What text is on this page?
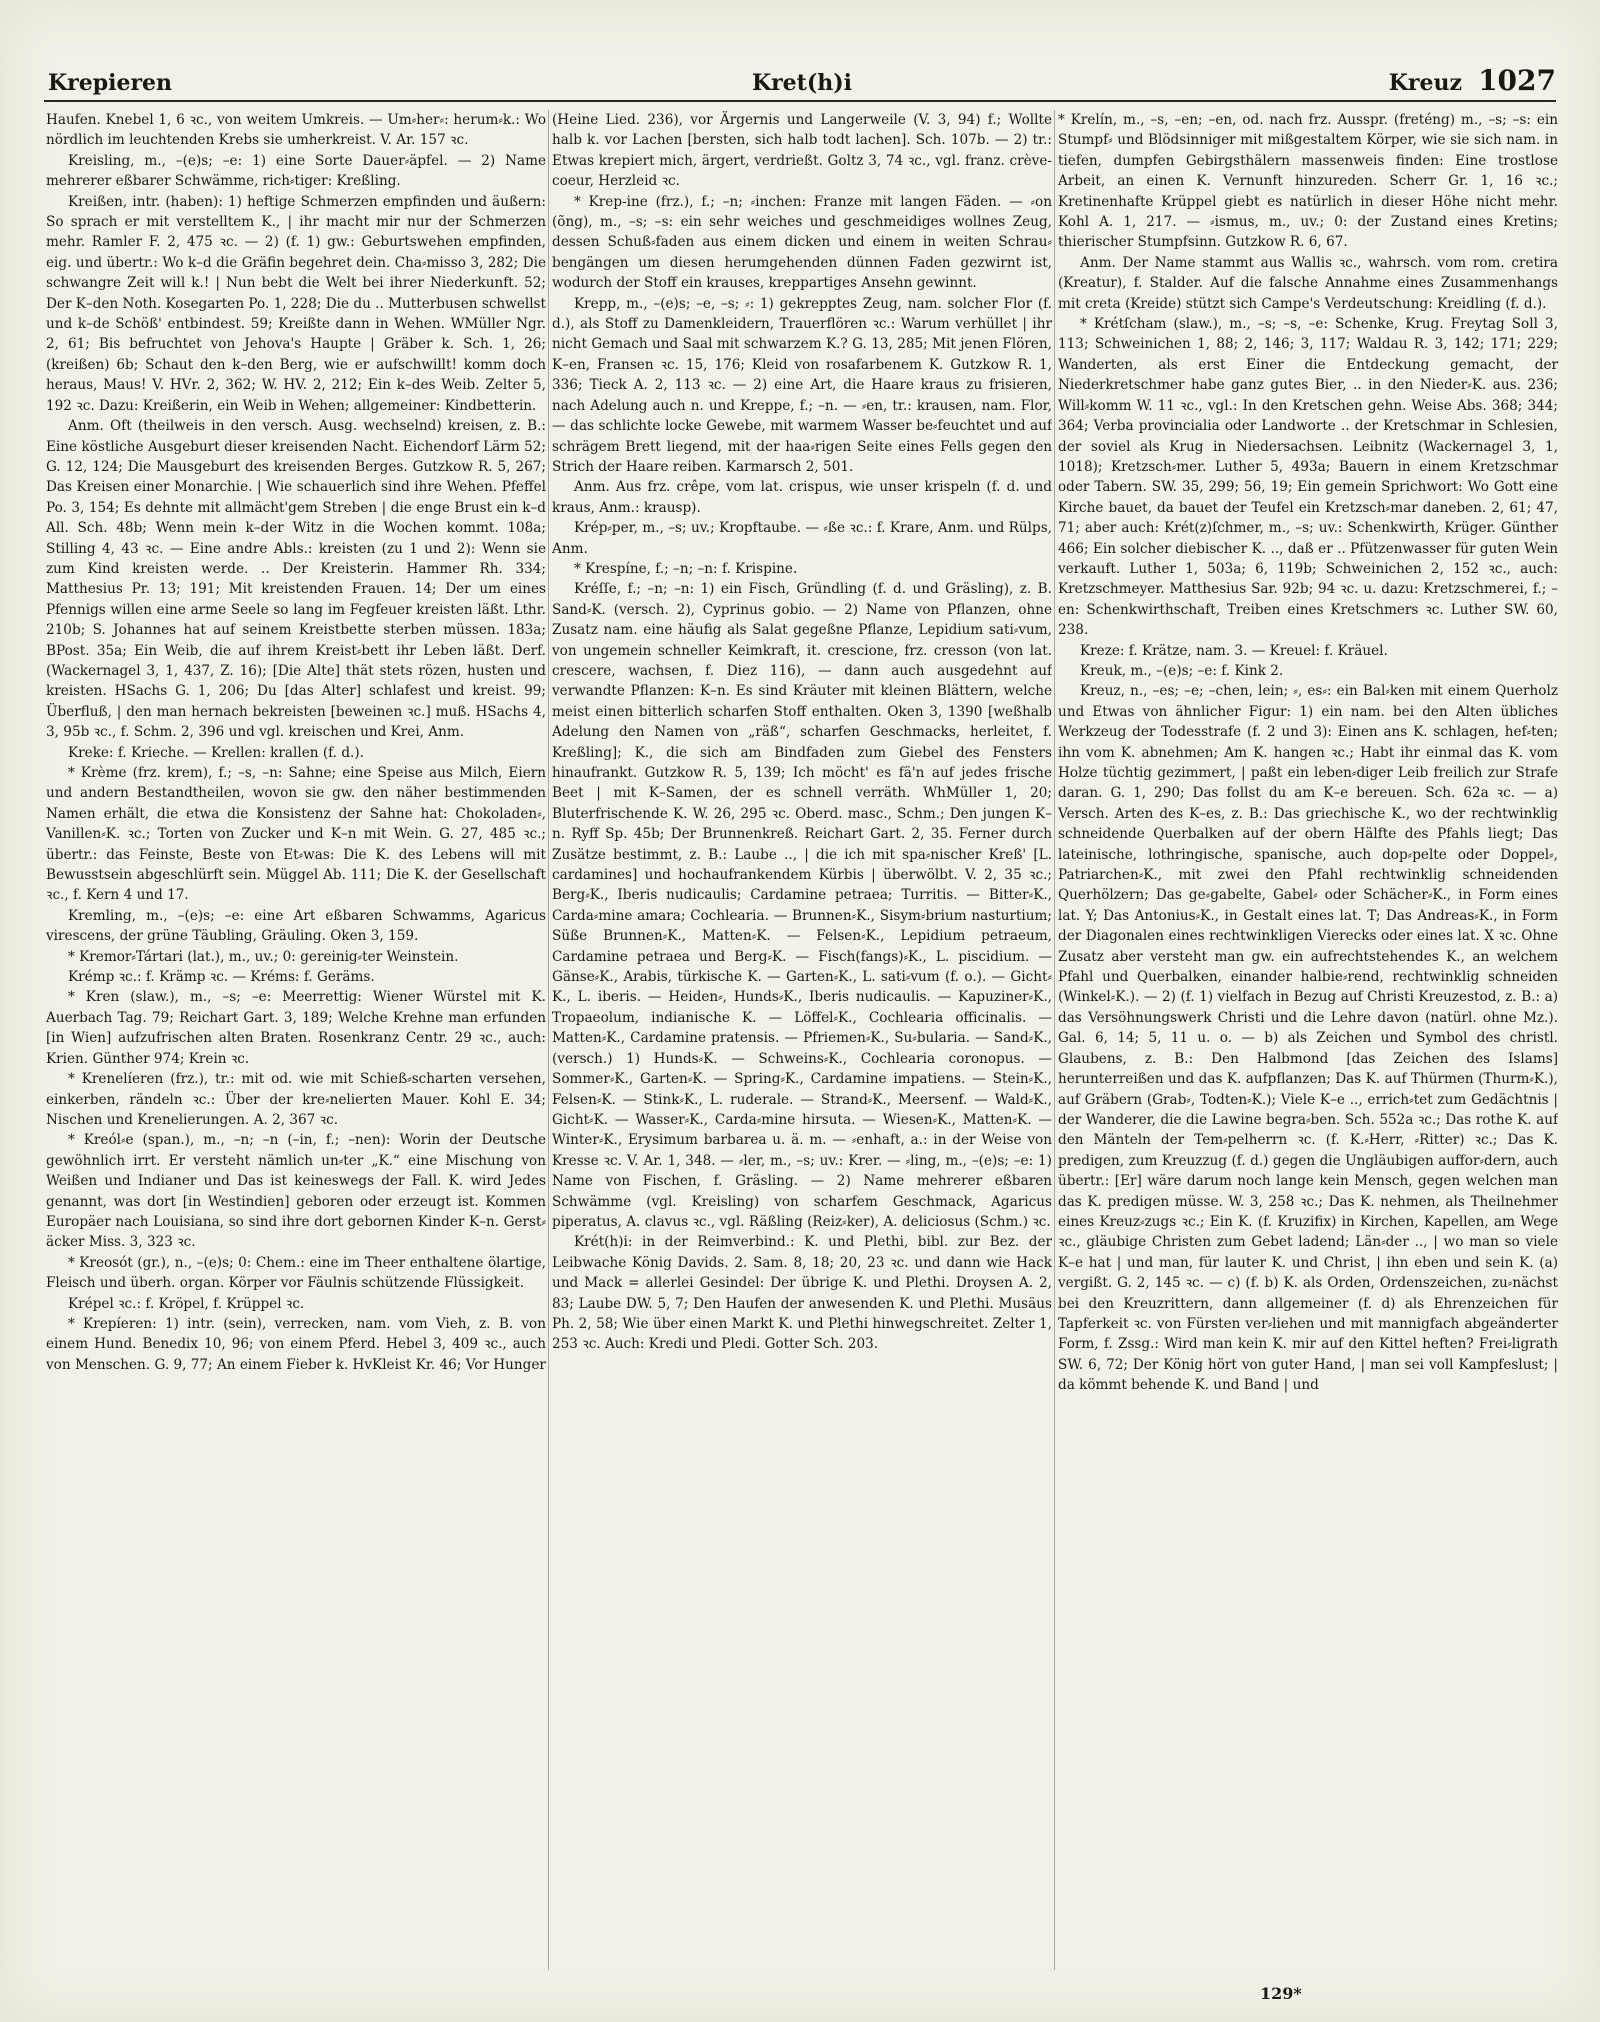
Krepieren	Kret(h)i	Kreuz 1027

Haufen. Knebel 1, 6 ꝛc., von weitem Umkreis. — Um⸗her⸗: herum⸗k.: Wo nördlich im leuchtenden Krebs sie umherkreist. V. Ar. 157 ꝛc.

Kreisling, m., –(e)s; –e: 1) eine Sorte Dauer⸗äpfel. — 2) Name mehrerer eßbarer Schwämme, rich⸗tiger: Kreßling.

Kreißen, intr. (haben): 1) heftige Schmerzen empfinden und äußern: So sprach er mit verstelltem K., | ihr macht mir nur der Schmerzen mehr. Ramler F. 2, 475 ꝛc. — 2) (f. 1) gw.: Geburtswehen empfinden, eig. und übertr.: Wo k–d die Gräfin begehret dein. Cha⸗misso 3, 282; Die schwangre Zeit will k.! | Nun bebt die Welt bei ihrer Niederkunft. 52; Der K–den Noth. Kosegarten Po. 1, 228; Die du .. Mutterbusen schwellst und k–de Schöß' entbindest. 59; Kreißte dann in Wehen. WMüller Ngr. 2, 61; Bis befruchtet von Jehova's Haupte | Gräber k. Sch. 1, 26; (kreißen) 6b; Schaut den k–den Berg, wie er aufschwillt! komm doch heraus, Maus! V. HVr. 2, 362; W. HV. 2, 212; Ein k–des Weib. Zelter 5, 192 ꝛc. Dazu: Kreißerin, ein Weib in Wehen; allgemeiner: Kindbetterin.

Anm. Oft (theilweis in den versch. Ausg. wechselnd) kreisen, z. B.: Eine köstliche Ausgeburt dieser kreisenden Nacht. Eichendorf Lärm 52; G. 12, 124; Die Mausgeburt des kreisenden Berges. Gutzkow R. 5, 267; Das Kreisen einer Monarchie. | Wie schauerlich sind ihre Wehen. Pfeffel Po. 3, 154; Es dehnte mit allmächt'gem Streben | die enge Brust ein k–d All. Sch. 48b; Wenn mein k–der Witz in die Wochen kommt. 108a; Stilling 4, 43 ꝛc. — Eine andre Abls.: kreisten (zu 1 und 2): Wenn sie zum Kind kreisten werde. .. Der Kreisterin. Hammer Rh. 334; Matthesius Pr. 13; 191; Mit kreistenden Frauen. 14; Der um eines Pfennigs willen eine arme Seele so lang im Fegfeuer kreisten läßt. Lthr. 210b; S. Johannes hat auf seinem Kreistbette sterben müssen. 183a; BPost. 35a; Ein Weib, die auf ihrem Kreist⸗bett ihr Leben läßt. Derf. (Wackernagel 3, 1, 437, Z. 16); [Die Alte] thät stets rözen, husten und kreisten. HSachs G. 1, 206; Du [das Alter] schlafest und kreist. 99; Überfluß, | den man hernach bekreisten [beweinen ꝛc.] muß. HSachs 4, 3, 95b ꝛc., f. Schm. 2, 396 und vgl. kreischen und Krei, Anm.

Kreke: f. Krieche. — Krellen: krallen (f. d.).

* Krème (frz. krem), f.; –s, –n: Sahne; eine Speise aus Milch, Eiern und andern Bestandtheilen, wovon sie gw. den näher bestimmenden Namen erhält, die etwa die Konsistenz der Sahne hat: Chokoladen⸗, Vanillen⸗K. ꝛc.; Torten von Zucker und K–n mit Wein. G. 27, 485 ꝛc.; übertr.: das Feinste, Beste von Et⸗was: Die K. des Lebens will mit Bewusstsein abgeschlürft sein. Müggel Ab. 111; Die K. der Gesellschaft ꝛc., f. Kern 4 und 17.

Kremling, m., –(e)s; –e: eine Art eßbaren Schwamms, Agaricus virescens, der grüne Täubling, Gräuling. Oken 3, 159.

* Kremor⸗Tártari (lat.), m., uv.; 0: gereinig⸗ter Weinstein.

Krémp ꝛc.: f. Krämp ꝛc. — Kréms: f. Geräms.

* Kren (slaw.), m., –s; –e: Meerrettig: Wiener Würstel mit K. Auerbach Tag. 79; Reichart Gart. 3, 189; Welche Krehne man erfunden [in Wien] aufzufrischen alten Braten. Rosenkranz Centr. 29 ꝛc., auch: Krien. Günther 974; Krein ꝛc.

* Krenelíeren (frz.), tr.: mit od. wie mit Schieß⸗scharten versehen, einkerben, rändeln ꝛc.: Über der kre⸗nelierten Mauer. Kohl E. 34; Nischen und Krenelierungen. A. 2, 367 ꝛc.

* Kreól⸗e (span.), m., –n; –n (–in, f.; –nen): Worin der Deutsche gewöhnlich irrt. Er versteht nämlich un⸗ter „K.“ eine Mischung von Weißen und Indianer und Das ist keineswegs der Fall. K. wird Jedes genannt, was dort [in Westindien] geboren oder erzeugt ist. Kommen Europäer nach Louisiana, so sind ihre dort gebornen Kinder K–n. Gerst⸗äcker Miss. 3, 323 ꝛc.

* Kreosót (gr.), n., –(e)s; 0: Chem.: eine im Theer enthaltene ölartige, Fleisch und überh. organ. Körper vor Fäulnis schützende Flüssigkeit.

Krépel ꝛc.: f. Kröpel, f. Krüppel ꝛc.

* Krepíeren: 1) intr. (sein), verrecken, nam. vom Vieh, z. B. von einem Hund. Benedix 10, 96; von einem Pferd. Hebel 3, 409 ꝛc., auch von Menschen. G. 9, 77; An einem Fieber k. HvKleist Kr. 46; Vor Hunger

(Heine Lied. 236), vor Ärgernis und Langerweile (V. 3, 94) f.; Wollte halb k. vor Lachen [bersten, sich halb todt lachen]. Sch. 107b. — 2) tr.: Etwas krepiert mich, ärgert, verdrießt. Goltz 3, 74 ꝛc., vgl. franz. crève-coeur, Herzleid ꝛc.

* Krep-ine (frz.), f.; –n; ⸗inchen: Franze mit langen Fäden. — ⸗on (õng), m., –s; –s: ein sehr weiches und geschmeidiges wollnes Zeug, dessen Schuß⸗faden aus einem dicken und einem in weiten Schrau⸗bengängen um diesen herumgehenden dünnen Faden gezwirnt ist, wodurch der Stoff ein krauses, kreppartiges Ansehn gewinnt.

Krepp, m., –(e)s; –e, –s; ⸗: 1) gekrepptes Zeug, nam. solcher Flor (f. d.), als Stoff zu Damenkleidern, Trauerflören ꝛc.: Warum verhüllet | ihr nicht Gemach und Saal mit schwarzem K.? G. 13, 285; Mit jenen Flören, K–en, Fransen ꝛc. 15, 176; Kleid von rosafarbenem K. Gutzkow R. 1, 336; Tieck A. 2, 113 ꝛc. — 2) eine Art, die Haare kraus zu frisieren, nach Adelung auch n. und Kreppe, f.; –n. — ⸗en, tr.: krausen, nam. Flor, — das schlichte locke Gewebe, mit warmem Wasser be⸗feuchtet und auf schrägem Brett liegend, mit der haa⸗rigen Seite eines Fells gegen den Strich der Haare reiben. Karmarsch 2, 501.

Anm. Aus frz. crêpe, vom lat. crispus, wie unser krispeln (f. d. und kraus, Anm.: krausp).

Krép⸗per, m., –s; uv.; Kropftaube. — ⸗ße ꝛc.: f. Krare, Anm. und Rülps, Anm.

* Krespíne, f.; –n; –n: f. Krispine.

Kréſſe, f.; –n; –n: 1) ein Fisch, Gründling (f. d. und Gräsling), z. B. Sand⸗K. (versch. 2), Cyprinus gobio. — 2) Name von Pflanzen, ohne Zusatz nam. eine häufig als Salat gegeßne Pflanze, Lepidium sati⸗vum, von ungemein schneller Keimkraft, it. crescione, frz. cresson (von lat. crescere, wachsen, f. Diez 116), — dann auch ausgedehnt auf verwandte Pflanzen: K–n. Es sind Kräuter mit kleinen Blättern, welche meist einen bitterlich scharfen Stoff enthalten. Oken 3, 1390 [weßhalb Adelung den Namen von „räß“, scharfen Geschmacks, herleitet, f. Kreßling]; K., die sich am Bindfaden zum Giebel des Fensters hinaufrankt. Gutzkow R. 5, 139; Ich möcht' es fä'n auf jedes frische Beet | mit K–Samen, der es schnell verräth. WhMüller 1, 20; Bluterfrischende K. W. 26, 295 ꝛc. Oberd. masc., Schm.; Den jungen K–n. Ryff Sp. 45b; Der Brunnenkreß. Reichart Gart. 2, 35. Ferner durch Zusätze bestimmt, z. B.: Laube .., | die ich mit spa⸗nischer Kreß' [L. cardamines] und hochaufrankendem Kürbis | überwölbt. V. 2, 35 ꝛc.; Berg⸗K., Iberis nudicaulis; Cardamine petraea; Turritis. — Bitter⸗K., Carda⸗mine amara; Cochlearia. — Brunnen⸗K., Sisym⸗brium nasturtium; Süße Brunnen⸗K., Matten⸗K. — Felsen⸗K., Lepidium petraeum, Cardamine petraea und Berg⸗K. — Fisch(fangs)⸗K., L. piscidium. — Gänse⸗K., Arabis, türkische K. — Garten⸗K., L. sati⸗vum (f. o.). — Gicht⸗K., L. iberis. — Heiden⸗, Hunds⸗K., Iberis nudicaulis. — Kapuziner⸗K., Tropaeolum, indianische K. — Löffel⸗K., Cochlearia officinalis. — Matten⸗K., Cardamine pratensis. — Pfriemen⸗K., Su⸗bularia. — Sand⸗K., (versch.) 1) Hunds⸗K. — Schweins⸗K., Cochlearia coronopus. — Sommer⸗K., Garten⸗K. — Spring⸗K., Cardamine impatiens. — Stein⸗K., Felsen⸗K. — Stink⸗K., L. ruderale. — Strand⸗K., Meersenf. — Wald⸗K., Gicht⸗K. — Wasser⸗K., Carda⸗mine hirsuta. — Wiesen⸗K., Matten⸗K. — Winter⸗K., Erysimum barbarea u. ä. m. — ⸗enhaft, a.: in der Weise von Kresse ꝛc. V. Ar. 1, 348. — ⸗ler, m., –s; uv.: Krer. — ⸗ling, m., –(e)s; –e: 1) Name von Fischen, f. Gräsling. — 2) Name mehrerer eßbaren Schwämme (vgl. Kreisling) von scharfem Geschmack, Agaricus piperatus, A. clavus ꝛc., vgl. Räßling (Reiz⸗ker), A. deliciosus (Schm.) ꝛc.

Krét(h)i: in der Reimverbind.: K. und Plethi, bibl. zur Bez. der Leibwache König Davids. 2. Sam. 8, 18; 20, 23 ꝛc. und dann wie Hack und Mack = allerlei Gesindel: Der übrige K. und Plethi. Droysen A. 2, 83; Laube DW. 5, 7; Den Haufen der anwesenden K. und Plethi. Musäus Ph. 2, 58; Wie über einen Markt K. und Plethi hinwegschreitet. Zelter 1, 253 ꝛc. Auch: Kredi und Pledi. Gotter Sch. 203.

* Krelín, m., –s, –en; –en, od. nach frz. Ausspr. (freténg) m., –s; –s: ein Stumpf⸗ und Blödsinniger mit mißgestaltem Körper, wie sie sich nam. in tiefen, dumpfen Gebirgsthälern massenweis finden: Eine trostlose Arbeit, an einen K. Vernunft hinzureden. Scherr Gr. 1, 16 ꝛc.; Kretinenhafte Krüppel giebt es natürlich in dieser Höhe nicht mehr. Kohl A. 1, 217. — ⸗ismus, m., uv.; 0: der Zustand eines Kretins; thierischer Stumpfsinn. Gutzkow R. 6, 67.

Anm. Der Name stammt aus Wallis ꝛc., wahrsch. vom rom. cretira (Kreatur), f. Stalder. Auf die falsche Annahme eines Zusammenhangs mit creta (Kreide) stützt sich Campe's Verdeutschung: Kreidling (f. d.).

* Krétſcham (slaw.), m., –s; –s, –e: Schenke, Krug. Freytag Soll 3, 113; Schweinichen 1, 88; 2, 146; 3, 117; Waldau R. 3, 142; 171; 229; Wanderten, als erst Einer die Entdeckung gemacht, der Niederkretschmer habe ganz gutes Bier, .. in den Nieder⸗K. aus. 236; Will⸗komm W. 11 ꝛc., vgl.: In den Kretschen gehn. Weise Abs. 368; 344; 364; Verba provincialia oder Landworte .. der Kretschmar in Schlesien, der soviel als Krug in Niedersachsen. Leibnitz (Wackernagel 3, 1, 1018); Kretzsch⸗mer. Luther 5, 493a; Bauern in einem Kretzschmar oder Tabern. SW. 35, 299; 56, 19; Ein gemein Sprichwort: Wo Gott eine Kirche bauet, da bauet der Teufel ein Kretzsch⸗mar daneben. 2, 61; 47, 71; aber auch: Krét(z)ſchmer, m., –s; uv.: Schenkwirth, Krüger. Günther 466; Ein solcher diebischer K. .., daß er .. Pfützenwasser für guten Wein verkauft. Luther 1, 503a; 6, 119b; Schweinichen 2, 152 ꝛc., auch: Kretzschmeyer. Matthesius Sar. 92b; 94 ꝛc. u. dazu: Kretzschmerei, f.; –en: Schenkwirthschaft, Treiben eines Kretschmers ꝛc. Luther SW. 60, 238.

Kreze: f. Krätze, nam. 3. — Kreuel: f. Kräuel.

Kreuk, m., –(e)s; –e: f. Kink 2.

Kreuz, n., –es; –e; –chen, lein; ⸗, es⸗: ein Bal⸗ken mit einem Querholz und Etwas von ähnlicher Figur: 1) ein nam. bei den Alten übliches Werkzeug der Todesstrafe (f. 2 und 3): Einen ans K. schlagen, hef⸗ten; ihn vom K. abnehmen; Am K. hangen ꝛc.; Habt ihr einmal das K. vom Holze tüchtig gezimmert, | paßt ein leben⸗diger Leib freilich zur Strafe daran. G. 1, 290; Das follst du am K–e bereuen. Sch. 62a ꝛc. — a) Versch. Arten des K–es, z. B.: Das griechische K., wo der rechtwinklig schneidende Querbalken auf der obern Hälfte des Pfahls liegt; Das lateinische, lothringische, spanische, auch dop⸗pelte oder Doppel⸗, Patriarchen⸗K., mit zwei den Pfahl rechtwinklig schneidenden Querhölzern; Das ge⸗gabelte, Gabel⸗ oder Schächer⸗K., in Form eines lat. Y; Das Antonius⸗K., in Gestalt eines lat. T; Das Andreas⸗K., in Form der Diagonalen eines rechtwinkligen Vierecks oder eines lat. X ꝛc. Ohne Zusatz aber versteht man gw. ein aufrechtstehendes K., an welchem Pfahl und Querbalken, einander halbie⸗rend, rechtwinklig schneiden (Winkel⸗K.). — 2) (f. 1) vielfach in Bezug auf Christi Kreuzestod, z. B.: a) das Versöhnungswerk Christi und die Lehre davon (natürl. ohne Mz.). Gal. 6, 14; 5, 11 u. o. — b) als Zeichen und Symbol des christl. Glaubens, z. B.: Den Halbmond [das Zeichen des Islams] herunterreißen und das K. aufpflanzen; Das K. auf Thürmen (Thurm⸗K.), auf Gräbern (Grab⸗, Todten⸗K.); Viele K–e .., errich⸗tet zum Gedächtnis | der Wanderer, die die Lawine begra⸗ben. Sch. 552a ꝛc.; Das rothe K. auf den Mänteln der Tem⸗pelherrn ꝛc. (f. K.⸗Herr, ⸗Ritter) ꝛc.; Das K. predigen, zum Kreuzzug (f. d.) gegen die Ungläubigen auffor⸗dern, auch übertr.: [Er] wäre darum noch lange kein Mensch, gegen welchen man das K. predigen müsse. W. 3, 258 ꝛc.; Das K. nehmen, als Theilnehmer eines Kreuz⸗zugs ꝛc.; Ein K. (f. Kruzifix) in Kirchen, Kapellen, am Wege ꝛc., gläubige Christen zum Gebet ladend; Län⸗der .., | wo man so viele K–e hat | und man, für lauter K. und Christ, | ihn eben und sein K. (a) vergißt. G. 2, 145 ꝛc. — c) (f. b) K. als Orden, Ordenszeichen, zu⸗nächst bei den Kreuzrittern, dann allgemeiner (f. d) als Ehrenzeichen für Tapferkeit ꝛc. von Fürsten ver⸗liehen und mit mannigfach abgeänderter Form, f. Zssg.: Wird man kein K. mir auf den Kittel heften? Frei⸗ligrath SW. 6, 72; Der König hört von guter Hand, | man sei voll Kampfeslust; | da kömmt behende K. und Band | und

129*
